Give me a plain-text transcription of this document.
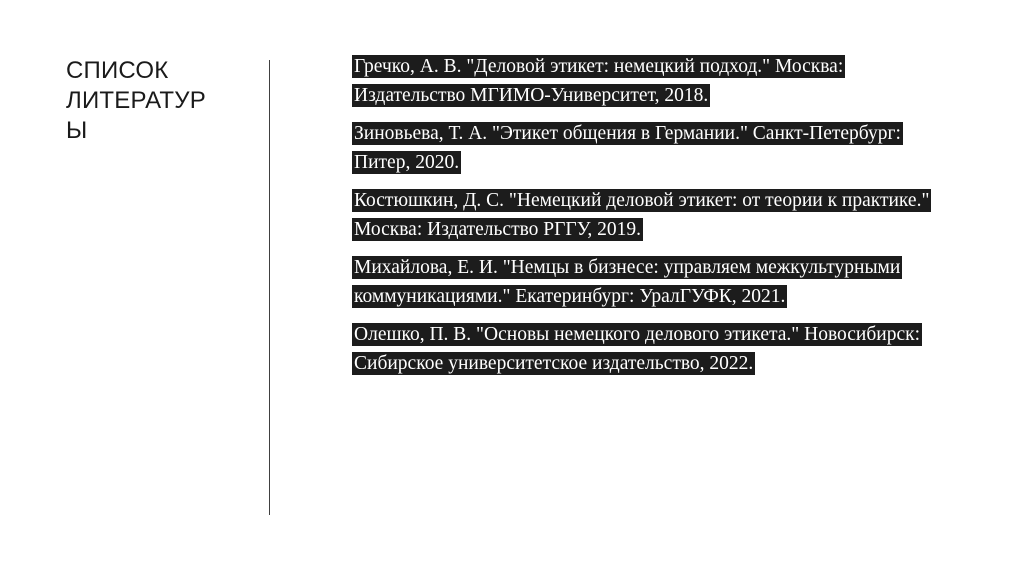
СПИСОК
ЛИТЕРАТУР
Ы
Гречко, А. В. "Деловой этикет: немецкий подход." Москва: Издательство МГИМО-Университет, 2018.
Зиновьева, Т. А. "Этикет общения в Германии." Санкт-Петербург: Питер, 2020.
Костюшкин, Д. С. "Немецкий деловой этикет: от теории к практике." Москва: Издательство РГГУ, 2019.
Михайлова, Е. И. "Немцы в бизнесе: управляем межкультурными коммуникациями." Екатеринбург: УралГУФК, 2021.
Олешко, П. В. "Основы немецкого делового этикета." Новосибирск: Сибирское университетское издательство, 2022.
